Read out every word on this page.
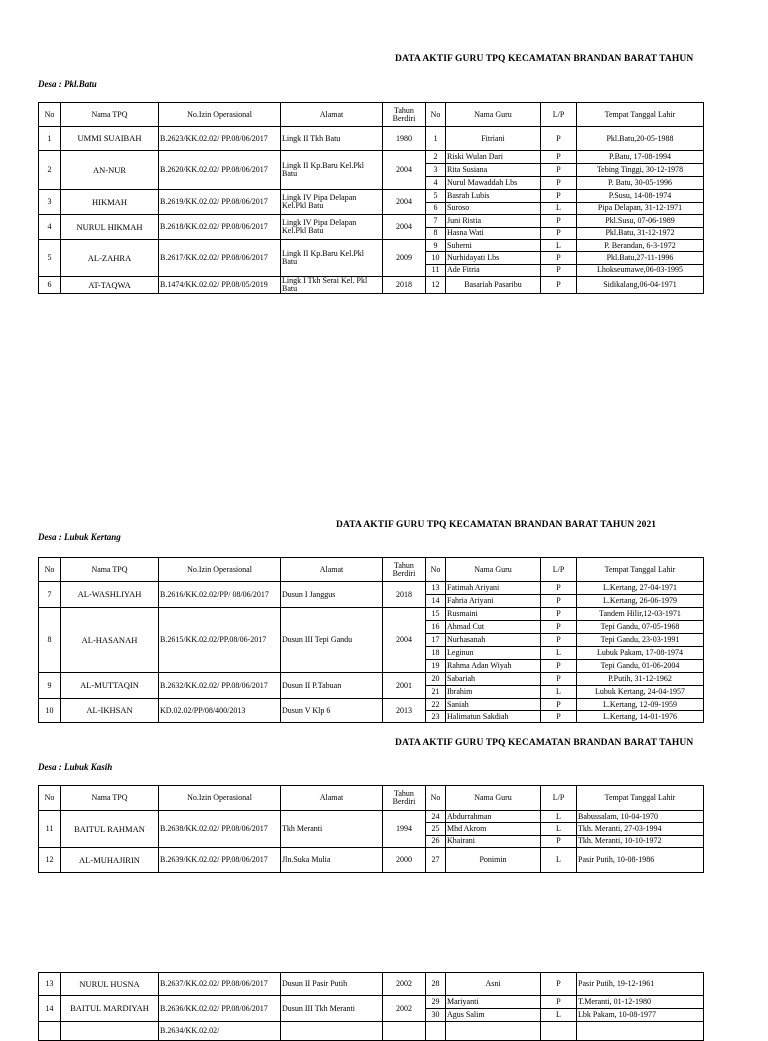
DATA AKTIF GURU TPQ KECAMATAN BRANDAN BARAT TAHUN
Desa : Pkl.Batu
No	Nama TPQ	No.Izin Operasional	Alamat	Tahun Berdiri	No	Nama Guru	L/P	Tempat Tanggal Lahir
1	UMMI SUAIBAH	B.2623/KK.02.02/ PP.08/06/2017	Lingk II Tkh Batu	1980	1	Fitriani	P	Pkl.Batu,20-05-1988
2	AN-NUR	B.2620/KK.02.02/ PP.08/06/2017	Lingk II Kp.Baru Kel.Pkl Batu	2004	2	Riski Wulan Dari	P	P.Batu, 17-08-1994
					3	Rita Susiana	P	Tebing Tinggi, 30-12-1978
					4	Nurul Mawaddah Lbs	P	P. Batu, 30-05-1996
3	HIKMAH	B.2619/KK.02.02/ PP.08/06/2017	Lingk IV Pipa Delapan Kel.Pkl Batu	2004	5	Basrah Lubis	P	P.Susu, 14-08-1974
					6	Suroso	L	Pipa Delapan, 31-12-1971
4	NURUL HIKMAH	B.2618/KK.02.02/ PP.08/06/2017	Lingk IV Pipa Delapan Kel.Pkl Batu	2004	7	Juni Ristia	P	Pkl.Susu, 07-06-1989
					8	Hasna Wati	P	Pkl.Batu, 31-12-1972
5	AL-ZAHRA	B.2617/KK.02.02/ PP.08/06/2017	Lingk II Kp.Baru Kel.Pkl Batu	2009	9	Suherni	L	P. Berandan, 6-3-1972
					10	Nurhidayati Lbs	P	Pkl.Batu,27-11-1996
					11	Ade Fitria	P	Lhokseumawe,06-03-1995
6	AT-TAQWA	B.1474/KK.02.02/ PP.08/05/2019	Lingk I Tkh Serai Kel. Pkl Batu	2018	12	Basariah Pasaribu	P	Sidikalang,06-04-1971
DATA AKTIF GURU TPQ KECAMATAN BRANDAN BARAT TAHUN 2021
Desa : Lubuk Kertang
No	Nama TPQ	No.Izin Operasional	Alamat	Tahun Berdiri	No	Nama Guru	L/P	Tempat Tanggal Lahir
7	AL-WASHLIYAH	B.2616/KK.02.02/PP/ 08/06/2017	Dusun I Janggus	2018	13	Fatimah Ariyani	P	L.Kertang, 27-04-1971
					14	Fahria Ariyani	P	L.Kertang, 26-06-1979
8	AL-HASANAH	B.2615/KK.02.02/PP.08/06-2017	Dusun III Tepi Gandu	2004	15	Rusmaini	P	Tandem Hilir,12-03-1971
					16	Ahmad Cut	P	Tepi Gandu, 07-05-1968
					17	Nurhasanah	P	Tepi Gandu, 23-03-1991
					18	Leginun	L	Lubuk Pakam, 17-08-1974
					19	Rahma Adan Wiyah	P	Tepi Gandu, 01-06-2004
9	AL-MUTTAQIN	B.2632/KK.02.02/ PP.08/06/2017	Dusun II P.Tabuan	2001	20	Sabariah	P	P.Putih, 31-12-1962
					21	Ibrahim	L	Lubuk Kertang, 24-04-1957
10	AL-IKHSAN	KD.02.02/PP/08/400/2013	Dusun V Klp 6	2013	22	Saniah	P	L.Kertang, 12-09-1959
					23	Halimatun Sakdiah	P	L.Kertang, 14-01-1976
DATA AKTIF GURU TPQ KECAMATAN BRANDAN BARAT TAHUN
Desa : Lubuk Kasih
No	Nama TPQ	No.Izin Operasional	Alamat	Tahun Berdiri	No	Nama Guru	L/P	Tempat Tanggal Lahir
11	BAITUL RAHMAN	B.2638/KK.02.02/ PP.08/06/2017	Tkh Meranti	1994	24	Abdurrahman	L	Babussalam, 10-04-1970
					25	Mhd Akrom	L	Tkh. Meranti, 27-03-1994
					26	Khairani	P	Tkh. Meranti, 10-10-1972
12	AL-MUHAJIRIN	B.2639/KK.02.02/ PP.08/06/2017	Jln.Suka Mulia	2000	27	Ponimin	L	Pasir Putih, 10-08-1986
13	NURUL HUSNA	B.2637/KK.02.02/ PP.08/06/2017	Dusun II Pasir Putih	2002	28	Asni	P	Pasir Putih, 19-12-1961
14	BAITUL MARDIYAH	B.2636/KK.02.02/ PP.08/06/2017	Dusun III Tkh Meranti	2002	29	Mariyanti	P	T.Meranti, 01-12-1980
					30	Agus Salim	L	Lbk Pakam, 10-08-1977
		B.2634/KK.02.02/						
